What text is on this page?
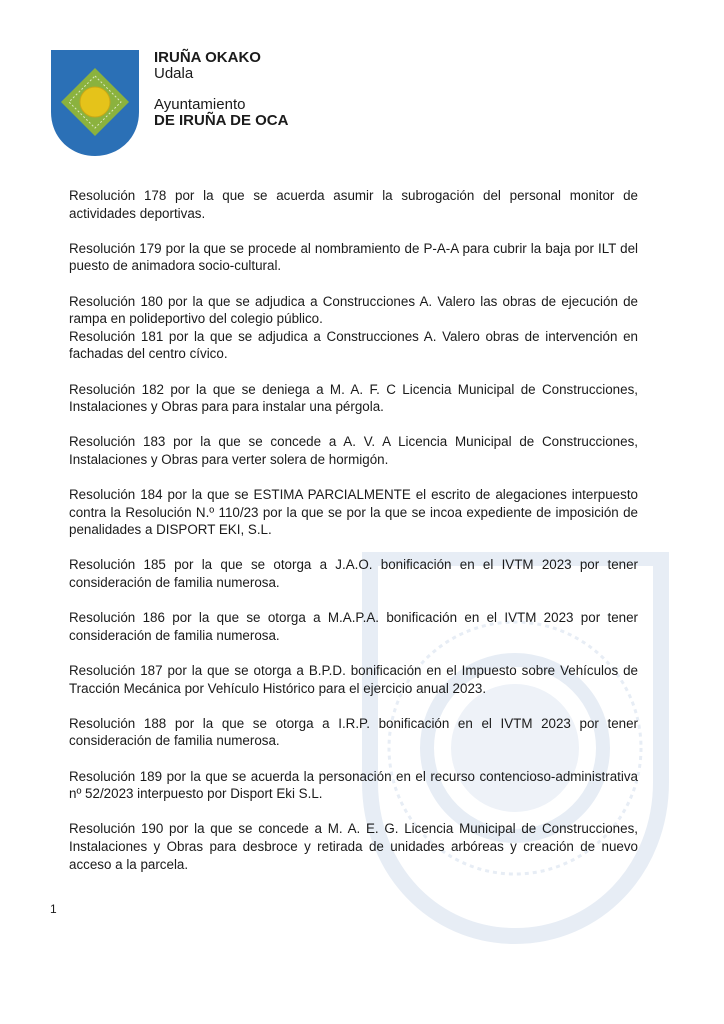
IRUÑA OKAKO
Udala
Ayuntamiento
DE IRUÑA DE OCA

Resolución 178 por la que se acuerda asumir la subrogación del personal monitor de actividades deportivas.

Resolución 179 por la que se procede al nombramiento de P-A-A para cubrir la baja por ILT del puesto de animadora socio-cultural.

Resolución 180 por la que se adjudica a Construcciones A. Valero las obras de ejecución de rampa en polideportivo del colegio público.

Resolución 181 por la que se adjudica a Construcciones A. Valero obras de intervención en fachadas del centro cívico.

Resolución 182 por la que se deniega a M. A. F. C Licencia Municipal de Construcciones, Instalaciones y Obras para para instalar una pérgola.

Resolución 183 por la que se concede a A. V. A Licencia Municipal de Construcciones, Instalaciones y Obras para verter solera de hormigón.

Resolución 184 por la que se ESTIMA PARCIALMENTE el escrito de alegaciones interpuesto contra la Resolución N.º 110/23 por la que se por la que se incoa expediente de imposición de penalidades a DISPORT EKI, S.L.

Resolución 185 por la que se otorga a J.A.O. bonificación en el IVTM 2023 por tener consideración de familia numerosa.

Resolución 186 por la que se otorga a M.A.P.A. bonificación en el IVTM 2023 por tener consideración de familia numerosa.

Resolución 187 por la que se otorga a B.P.D. bonificación en el Impuesto sobre Vehículos de Tracción Mecánica por Vehículo Histórico para el ejercicio anual 2023.

Resolución 188 por la que se otorga a I.R.P. bonificación en el IVTM 2023 por tener consideración de familia numerosa.

Resolución 189 por la que se acuerda la personación en el recurso contencioso-administrativa nº 52/2023 interpuesto por Disport Eki S.L.

Resolución 190 por la que se concede a M. A. E. G. Licencia Municipal de Construcciones, Instalaciones y Obras para desbroce y retirada de unidades arbóreas y creación de nuevo acceso a la parcela.

1
